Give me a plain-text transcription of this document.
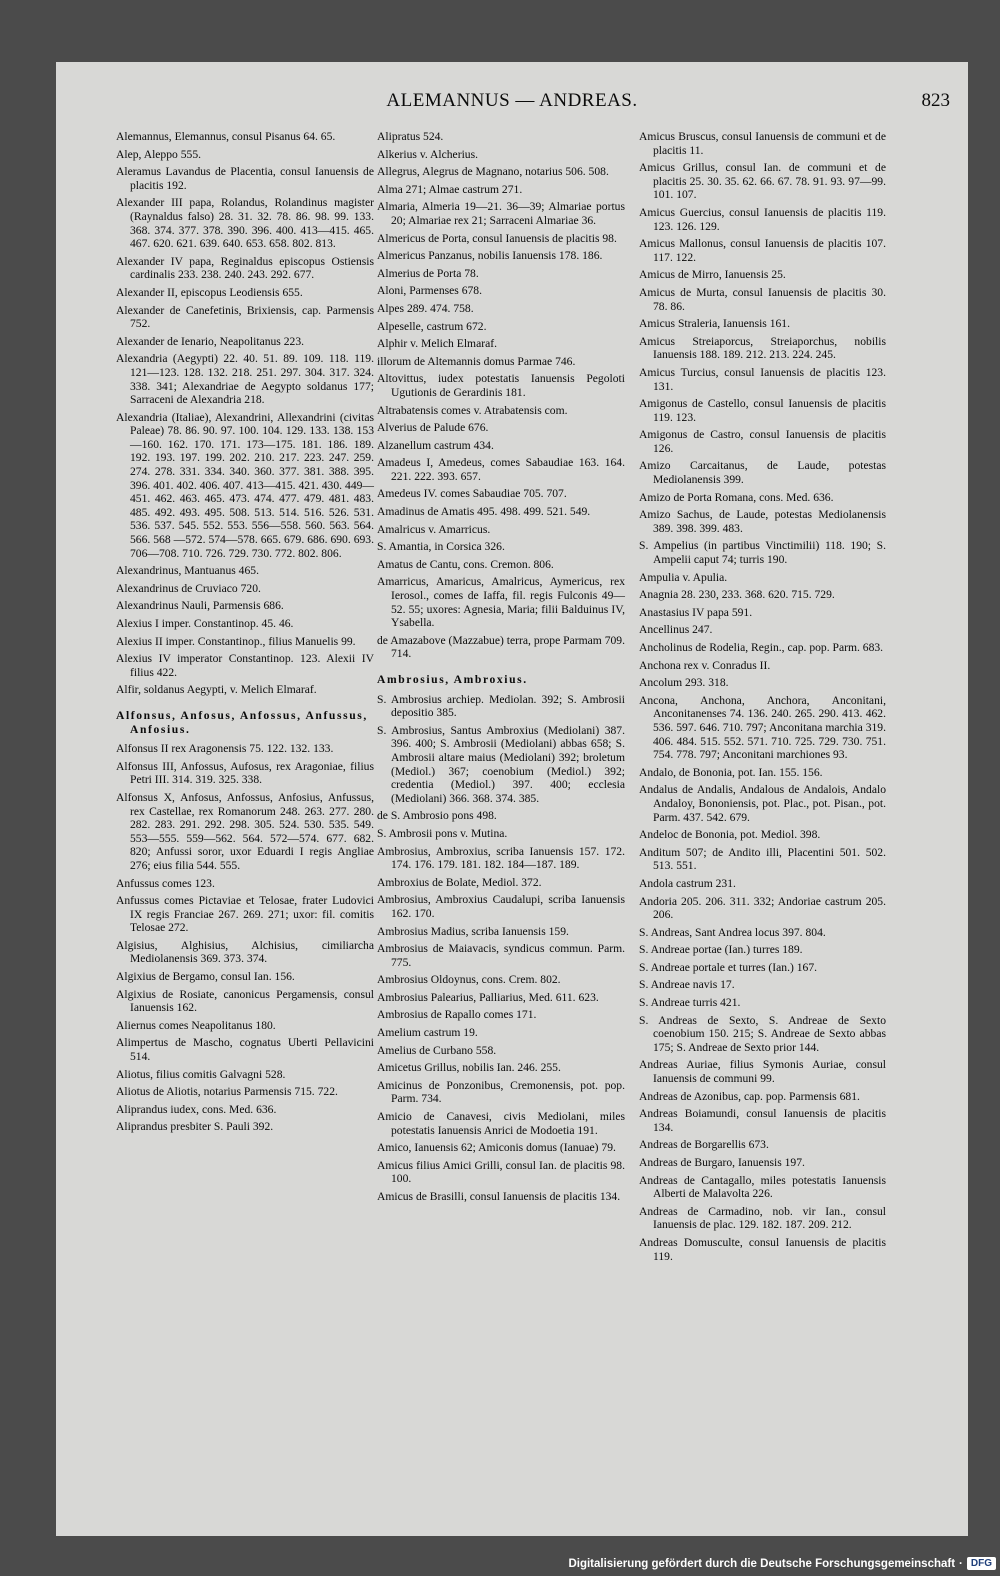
ALEMANNUS — ANDREAS.	823
Alemannus, Elemannus, consul Pisanus 64. 65.
Alep, Aleppo 555.
Aleramus Lavandus de Placentia, consul Ianuensis de placitis 192.
Alexander III papa, Rolandus, Rolandinus magister (Raynaldus falso) 28. 31. 32. 78. 86. 98. 99. 133. 368. 374. 377. 378. 390. 396. 400. 413—415. 465. 467. 620. 621. 639. 640. 653. 658. 802. 813.
Alexander IV papa, Reginaldus episcopus Ostiensis cardinalis 233. 238. 240. 243. 292. 677.
Alexander II, episcopus Leodiensis 655.
Alexander de Canefetinis, Brixiensis, cap. Parmensis 752.
Alexander de Ienario, Neapolitanus 223.
Alexandria (Aegypti) 22. 40. 51. 89. 109. 118. 119. 121—123. 128. 132. 218. 251. 297. 304. 317. 324. 338. 341; Alexandriae de Aegypto soldanus 177; Sarraceni de Alexandria 218.
Alexandria (Italiae), Alexandrini, Allexandrini (civitas Paleae) 78. 86. 90. 97. 100. 104. 129. 133. 138. 153—160. 162. 170. 171. 173—175. 181. 186. 189. 192. 193. 197. 199. 202. 210. 217. 223. 247. 259. 274. 278. 331. 334. 340. 360. 377. 381. 388. 395. 396. 401. 402. 406. 407. 413—415. 421. 430. 449—451. 462. 463. 465. 473. 474. 477. 479. 481. 483. 485. 492. 493. 495. 508. 513. 514. 516. 526. 531. 536. 537. 545. 552. 553. 556—558. 560. 563. 564. 566. 568 —572. 574—578. 665. 679. 686. 690. 693. 706—708. 710. 726. 729. 730. 772. 802. 806.
Alexandrinus, Mantuanus 465.
Alexandrinus de Cruviaco 720.
Alexandrinus Nauli, Parmensis 686.
Alexius I imper. Constantinop. 45. 46.
Alexius II imper. Constantinop., filius Manuelis 99.
Alexius IV imperator Constantinop. 123. Alexii IV filius 422.
Alfir, soldanus Aegypti, v. Melich Elmaraf.
Alfonsus, Anfosus, Anfossus, Anfussus, Anfosius.
Alfonsus II rex Aragonensis 75. 122. 132. 133.
Alfonsus III, Anfossus, Aufosus, rex Aragoniae, filius Petri III. 314. 319. 325. 338.
Alfonsus X, Anfosus, Anfossus, Anfosius, Anfussus, rex Castellae, rex Romanorum 248. 263. 277. 280. 282. 283. 291. 292. 298. 305. 524. 530. 535. 549. 553—555. 559—562. 564. 572—574. 677. 682. 820; Anfussi soror, uxor Eduardi I regis Angliae 276; eius filia 544. 555.
Anfussus comes 123.
Anfussus comes Pictaviae et Telosae, frater Ludovici IX regis Franciae 267. 269. 271; uxor: fil. comitis Telosae 272.
Algisius, Alghisius, Alchisius, cimiliarcha Mediolanensis 369. 373. 374.
Algixius de Bergamo, consul Ian. 156.
Algixius de Rosiate, canonicus Pergamensis, consul Ianuensis 162.
Aliernus comes Neapolitanus 180.
Alimpertus de Mascho, cognatus Uberti Pellavicini 514.
Aliotus, filius comitis Galvagni 528.
Aliotus de Aliotis, notarius Parmensis 715. 722.
Aliprandus iudex, cons. Med. 636.
Aliprandus presbiter S. Pauli 392.
Alipratus 524.
Alkerius v. Alcherius.
Allegrus, Alegrus de Magnano, notarius 506. 508.
Alma 271; Almae castrum 271.
Almaria, Almeria 19—21. 36—39; Almariae portus 20; Almariae rex 21; Sarraceni Almariae 36.
Almericus de Porta, consul Ianuensis de placitis 98.
Almericus Panzanus, nobilis Ianuensis 178. 186.
Almerius de Porta 78.
Aloni, Parmenses 678.
Alpes 289. 474. 758.
Alpeselle, castrum 672.
Alphir v. Melich Elmaraf.
illorum de Altemannis domus Parmae 746.
Altovittus, iudex potestatis Ianuensis Pegoloti Ugutionis de Gerardinis 181.
Altrabatensis comes v. Atrabatensis com.
Alverius de Palude 676.
Alzanellum castrum 434.
Amadeus I, Amedeus, comes Sabaudiae 163. 164. 221. 222. 393. 657.
Amedeus IV. comes Sabaudiae 705. 707.
Amadinus de Amatis 495. 498. 499. 521. 549.
Amalricus v. Amarricus.
S. Amantia, in Corsica 326.
Amatus de Cantu, cons. Cremon. 806.
Amarricus, Amaricus, Amalricus, Aymericus, rex Ierosol., comes de Iaffa, fil. regis Fulconis 49—52. 55; uxores: Agnesia, Maria; filii Balduinus IV, Ysabella.
de Amazabove (Mazzabue) terra, prope Parmam 709. 714.
Ambrosius, Ambroxius.
S. Ambrosius archiep. Mediolan. 392; S. Ambrosii depositio 385.
S. Ambrosius, Santus Ambroxius (Mediolani) 387. 396. 400; S. Ambrosii (Mediolani) abbas 658; S. Ambrosii altare maius (Mediolani) 392; broletum (Mediol.) 367; coenobium (Mediol.) 392; credentia (Mediol.) 397. 400; ecclesia (Mediolani) 366. 368. 374. 385.
de S. Ambrosio pons 498.
S. Ambrosii pons v. Mutina.
Ambrosius, Ambroxius, scriba Ianuensis 157. 172. 174. 176. 179. 181. 182. 184—187. 189.
Ambroxius de Bolate, Mediol. 372.
Ambrosius, Ambroxius Caudalupi, scriba Ianuensis 162. 170.
Ambrosius Madius, scriba Ianuensis 159.
Ambrosius de Maiavacis, syndicus commun. Parm. 775.
Ambrosius Oldoynus, cons. Crem. 802.
Ambrosius Palearius, Palliarius, Med. 611. 623.
Ambrosius de Rapallo comes 171.
Amelium castrum 19.
Amelius de Curbano 558.
Amicetus Grillus, nobilis Ian. 246. 255.
Amicinus de Ponzonibus, Cremonensis, pot. pop. Parm. 734.
Amicio de Canavesi, civis Mediolani, miles potestatis Ianuensis Anrici de Modoetia 191.
Amico, Ianuensis 62; Amiconis domus (Ianuae) 79.
Amicus filius Amici Grilli, consul Ian. de placitis 98. 100.
Amicus de Brasilli, consul Ianuensis de placitis 134.
Amicus Bruscus, consul Ianuensis de communi et de placitis 11.
Amicus Grillus, consul Ian. de communi et de placitis 25. 30. 35. 62. 66. 67. 78. 91. 93. 97—99. 101. 107.
Amicus Guercius, consul Ianuensis de placitis 119. 123. 126. 129.
Amicus Mallonus, consul Ianuensis de placitis 107. 117. 122.
Amicus de Mirro, Ianuensis 25.
Amicus de Murta, consul Ianuensis de placitis 30. 78. 86.
Amicus Straleria, Ianuensis 161.
Amicus Streiaporcus, Streiaporchus, nobilis Ianuensis 188. 189. 212. 213. 224. 245.
Amicus Turcius, consul Ianuensis de placitis 123. 131.
Amigonus de Castello, consul Ianuensis de placitis 119. 123.
Amigonus de Castro, consul Ianuensis de placitis 126.
Amizo Carcaitanus, de Laude, potestas Mediolanensis 399.
Amizo de Porta Romana, cons. Med. 636.
Amizo Sachus, de Laude, potestas Mediolanensis 389. 398. 399. 483.
S. Ampelius (in partibus Vinctimilii) 118. 190; S. Ampelii caput 74; turris 190.
Ampulia v. Apulia.
Anagnia 28. 230, 233. 368. 620. 715. 729.
Anastasius IV papa 591.
Ancellinus 247.
Ancholinus de Rodelia, Regin., cap. pop. Parm. 683.
Anchona rex v. Conradus II.
Ancolum 293. 318.
Ancona, Anchona, Anchora, Anconitani, Anconitanenses 74. 136. 240. 265. 290. 413. 462. 536. 597. 646. 710. 797; Anconitana marchia 319. 406. 484. 515. 552. 571. 710. 725. 729. 730. 751. 754. 778. 797; Anconitani marchiones 93.
Andalo, de Bononia, pot. Ian. 155. 156.
Andalus de Andalis, Andalous de Andalois, Andalo Andaloy, Bononiensis, pot. Plac., pot. Pisan., pot. Parm. 437. 542. 679.
Andeloc de Bononia, pot. Mediol. 398.
Anditum 507; de Andito illi, Placentini 501. 502. 513. 551.
Andola castrum 231.
Andoria 205. 206. 311. 332; Andoriae castrum 205. 206.
S. Andreas, Sant Andrea locus 397. 804.
S. Andreae portae (Ian.) turres 189.
S. Andreae portale et turres (Ian.) 167.
S. Andreae navis 17.
S. Andreae turris 421.
S. Andreas de Sexto, S. Andreae de Sexto coenobium 150. 215; S. Andreae de Sexto abbas 175; S. Andreae de Sexto prior 144.
Andreas Auriae, filius Symonis Auriae, consul Ianuensis de communi 99.
Andreas de Azonibus, cap. pop. Parmensis 681.
Andreas Boiamundi, consul Ianuensis de placitis 134.
Andreas de Borgarellis 673.
Andreas de Burgaro, Ianuensis 197.
Andreas de Cantagallo, miles potestatis Ianuensis Alberti de Malavolta 226.
Andreas de Carmadino, nob. vir Ian., consul Ianuensis de plac. 129. 182. 187. 209. 212.
Andreas Domusculte, consul Ianuensis de placitis 119.
Digitalisierung gefördert durch die Deutsche Forschungsgemeinschaft · DFG
